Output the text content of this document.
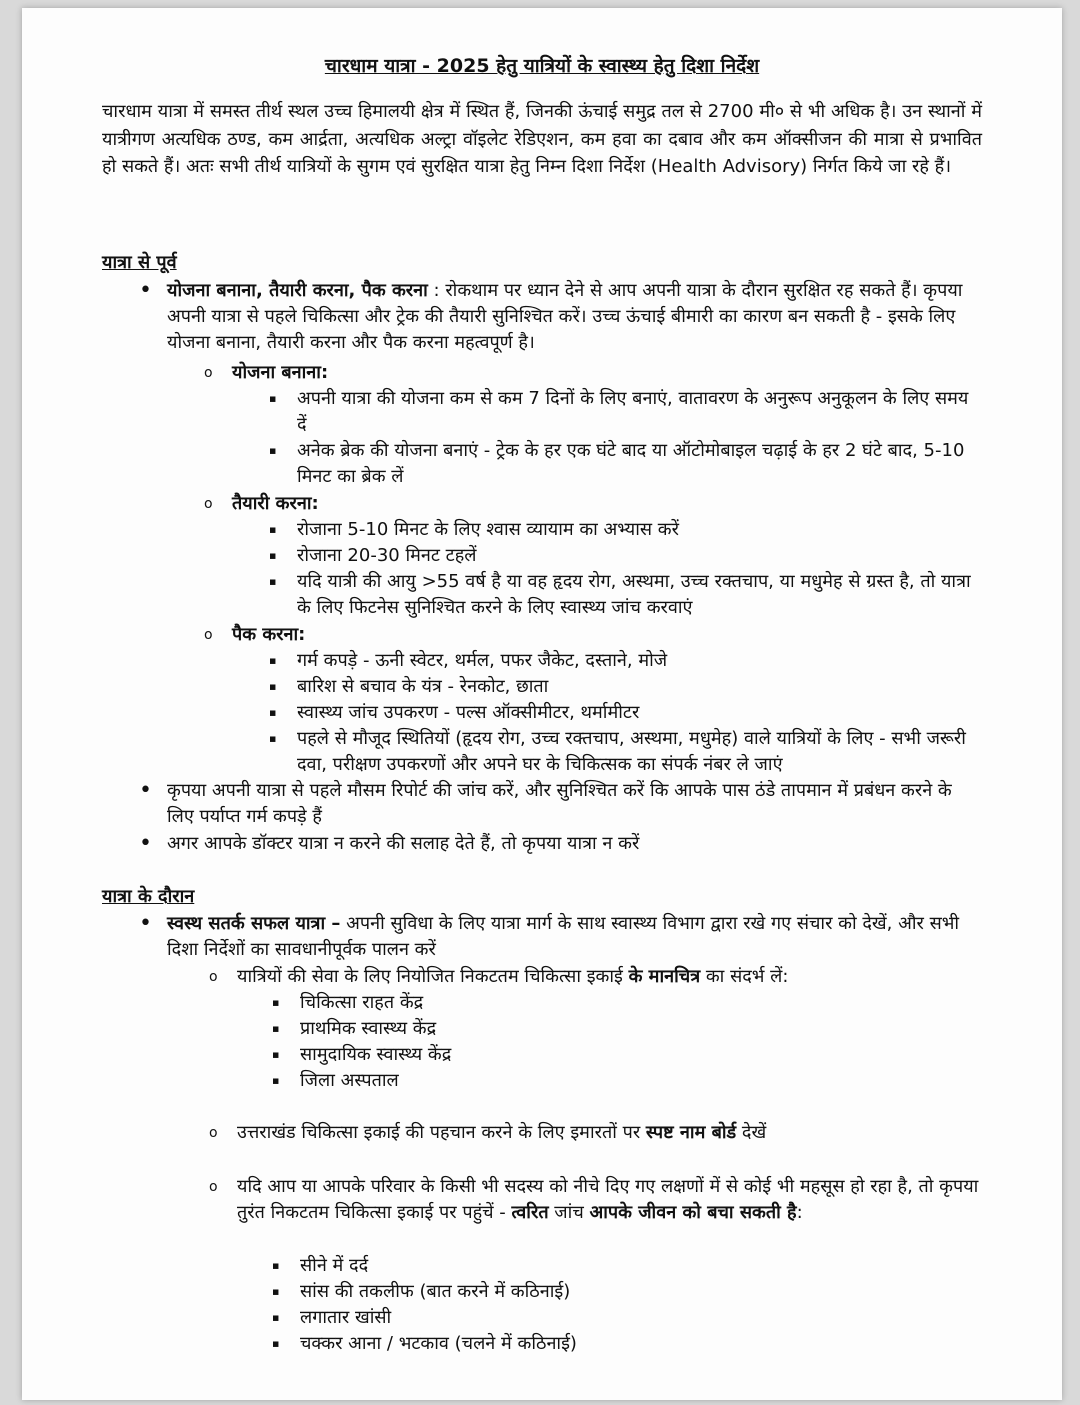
चारधाम यात्रा - 2025 हेतु यात्रियों के स्वास्थ्य हेतु दिशा निर्देश
चारधाम यात्रा में समस्त तीर्थ स्थल उच्च हिमालयी क्षेत्र में स्थित हैं, जिनकी ऊंचाई समुद्र तल से 2700 मी० से भी अधिक है। उन स्थानों में यात्रीगण अत्यधिक ठण्ड, कम आर्द्रता, अत्यधिक अल्ट्रा वॉइलेट रेडिएशन, कम हवा का दबाव और कम ऑक्सीजन की मात्रा से प्रभावित हो सकते हैं। अतः सभी तीर्थ यात्रियों के सुगम एवं सुरक्षित यात्रा हेतु निम्न दिशा निर्देश (Health Advisory) निर्गत किये जा रहे हैं।
यात्रा से पूर्व
• योजना बनाना, तैयारी करना, पैक करना : रोकथाम पर ध्यान देने से आप अपनी यात्रा के दौरान सुरक्षित रह सकते हैं। कृपया अपनी यात्रा से पहले चिकित्सा और ट्रेक की तैयारी सुनिश्चित करें। उच्च ऊंचाई बीमारी का कारण बन सकती है - इसके लिए योजना बनाना, तैयारी करना और पैक करना महत्वपूर्ण है।
o योजना बनाना:
▪ अपनी यात्रा की योजना कम से कम 7 दिनों के लिए बनाएं, वातावरण के अनुरूप अनुकूलन के लिए समय दें
▪ अनेक ब्रेक की योजना बनाएं - ट्रेक के हर एक घंटे बाद या ऑटोमोबाइल चढ़ाई के हर 2 घंटे बाद, 5-10 मिनट का ब्रेक लें
o तैयारी करना:
▪ रोजाना 5-10 मिनट के लिए श्वास व्यायाम का अभ्यास करें
▪ रोजाना 20-30 मिनट टहलें
▪ यदि यात्री की आयु >55 वर्ष है या वह हृदय रोग, अस्थमा, उच्च रक्तचाप, या मधुमेह से ग्रस्त है, तो यात्रा के लिए फिटनेस सुनिश्चित करने के लिए स्वास्थ्य जांच करवाएं
o पैक करना:
▪ गर्म कपड़े - ऊनी स्वेटर, थर्मल, पफर जैकेट, दस्ताने, मोजे
▪ बारिश से बचाव के यंत्र - रेनकोट, छाता
▪ स्वास्थ्य जांच उपकरण - पल्स ऑक्सीमीटर, थर्मामीटर
▪ पहले से मौजूद स्थितियों (हृदय रोग, उच्च रक्तचाप, अस्थमा, मधुमेह) वाले यात्रियों के लिए - सभी जरूरी दवा, परीक्षण उपकरणों और अपने घर के चिकित्सक का संपर्क नंबर ले जाएं
• कृपया अपनी यात्रा से पहले मौसम रिपोर्ट की जांच करें, और सुनिश्चित करें कि आपके पास ठंडे तापमान में प्रबंधन करने के लिए पर्याप्त गर्म कपड़े हैं
• अगर आपके डॉक्टर यात्रा न करने की सलाह देते हैं, तो कृपया यात्रा न करें
यात्रा के दौरान
• स्वस्थ सतर्क सफल यात्रा – अपनी सुविधा के लिए यात्रा मार्ग के साथ स्वास्थ्य विभाग द्वारा रखे गए संचार को देखें, और सभी दिशा निर्देशों का सावधानीपूर्वक पालन करें
o यात्रियों की सेवा के लिए नियोजित निकटतम चिकित्सा इकाई के मानचित्र का संदर्भ लें:
▪ चिकित्सा राहत केंद्र
▪ प्राथमिक स्वास्थ्य केंद्र
▪ सामुदायिक स्वास्थ्य केंद्र
▪ जिला अस्पताल
o उत्तराखंड चिकित्सा इकाई की पहचान करने के लिए इमारतों पर स्पष्ट नाम बोर्ड देखें
o यदि आप या आपके परिवार के किसी भी सदस्य को नीचे दिए गए लक्षणों में से कोई भी महसूस हो रहा है, तो कृपया तुरंत निकटतम चिकित्सा इकाई पर पहुंचें - त्वरित जांच आपके जीवन को बचा सकती है:
▪ सीने में दर्द
▪ सांस की तकलीफ (बात करने में कठिनाई)
▪ लगातार खांसी
▪ चक्कर आना / भटकाव (चलने में कठिनाई)
